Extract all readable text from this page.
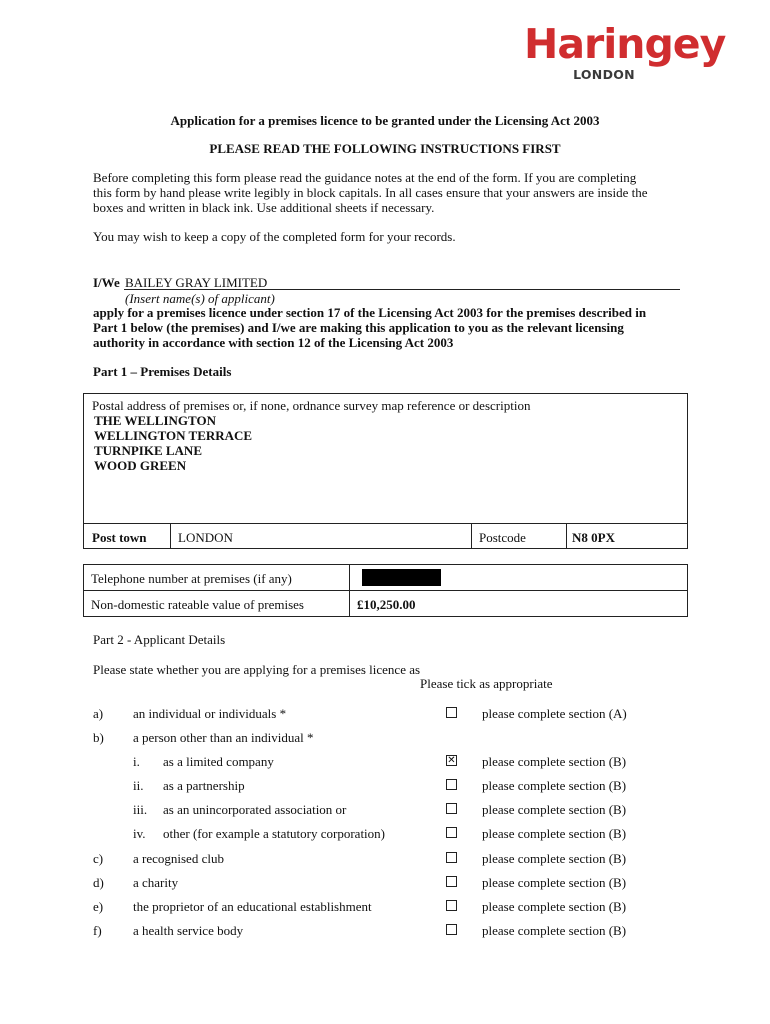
Haringey
LONDON
Application for a premises licence to be granted under the Licensing Act 2003
PLEASE READ THE FOLLOWING INSTRUCTIONS FIRST
Before completing this form please read the guidance notes at the end of the form. If you are completing
this form by hand please write legibly in block capitals. In all cases ensure that your answers are inside the
boxes and written in black ink. Use additional sheets if necessary.
You may wish to keep a copy of the completed form for your records.
I/We BAILEY GRAY LIMITED
(Insert name(s) of applicant)
apply for a premises licence under section 17 of the Licensing Act 2003 for the premises described in
Part 1 below (the premises) and I/we are making this application to you as the relevant licensing
authority in accordance with section 12 of the Licensing Act 2003
Part 1 – Premises Details
Postal address of premises or, if none, ordnance survey map reference or description
THE WELLINGTON
WELLINGTON TERRACE
TURNPIKE LANE
WOOD GREEN
Post town LONDON	Postcode	N8 0PX
Telephone number at premises (if any)
Non-domestic rateable value of premises	£10,250.00
Part 2 - Applicant Details
Please state whether you are applying for a premises licence as
Please tick as appropriate
a) an individual or individuals *	please complete section (A)
b) a person other than an individual *
i. as a limited company	✕ please complete section (B)
ii. as a partnership	please complete section (B)
iii. as an unincorporated association or	please complete section (B)
iv. other (for example a statutory corporation)	please complete section (B)
c) a recognised club	please complete section (B)
d) a charity	please complete section (B)
e) the proprietor of an educational establishment	please complete section (B)
f) a health service body	please complete section (B)
